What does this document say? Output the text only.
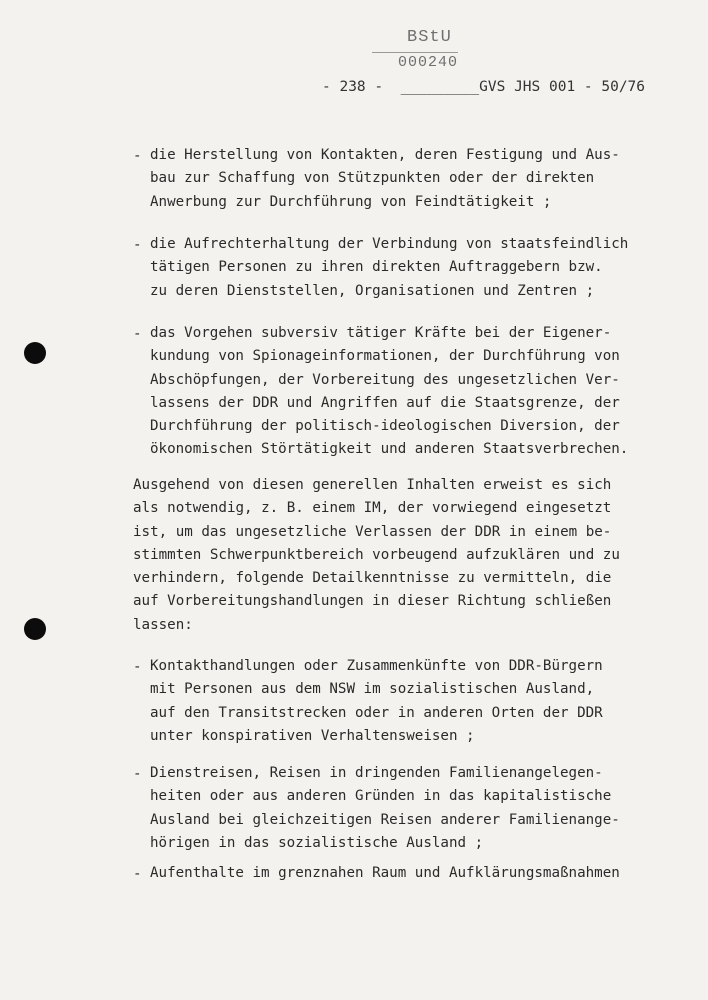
BStU
000240
- 238 - _________GVS JHS 001 - 50/76
- die Herstellung von Kontakten, deren Festigung und Aus-
bau zur Schaffung von Stützpunkten oder der direkten
Anwerbung zur Durchführung von Feindtätigkeit ;
- die Aufrechterhaltung der Verbindung von staatsfeindlich
tätigen Personen zu ihren direkten Auftraggebern bzw.
zu deren Dienststellen, Organisationen und Zentren ;
- das Vorgehen subversiv tätiger Kräfte bei der Eigener-
kundung von Spionageinformationen, der Durchführung von
Abschöpfungen, der Vorbereitung des ungesetzlichen Ver-
lassens der DDR und Angriffen auf die Staatsgrenze, der
Durchführung der politisch-ideologischen Diversion, der
ökonomischen Störtätigkeit und anderen Staatsverbrechen.
Ausgehend von diesen generellen Inhalten erweist es sich
als notwendig, z. B. einem IM, der vorwiegend eingesetzt
ist, um das ungesetzliche Verlassen der DDR in einem be-
stimmten Schwerpunktbereich vorbeugend aufzuklären und zu
verhindern, folgende Detailkenntnisse zu vermitteln, die
auf Vorbereitungshandlungen in dieser Richtung schließen
lassen:
- Kontakthandlungen oder Zusammenkünfte von DDR-Bürgern
mit Personen aus dem NSW im sozialistischen Ausland,
auf den Transitstrecken oder in anderen Orten der DDR
unter konspirativen Verhaltensweisen ;
- Dienstreisen, Reisen in dringenden Familienangelegen-
heiten oder aus anderen Gründen in das kapitalistische
Ausland bei gleichzeitigen Reisen anderer Familienange-
hörigen in das sozialistische Ausland ;
- Aufenthalte im grenznahen Raum und Aufklärungsmaßnahmen
